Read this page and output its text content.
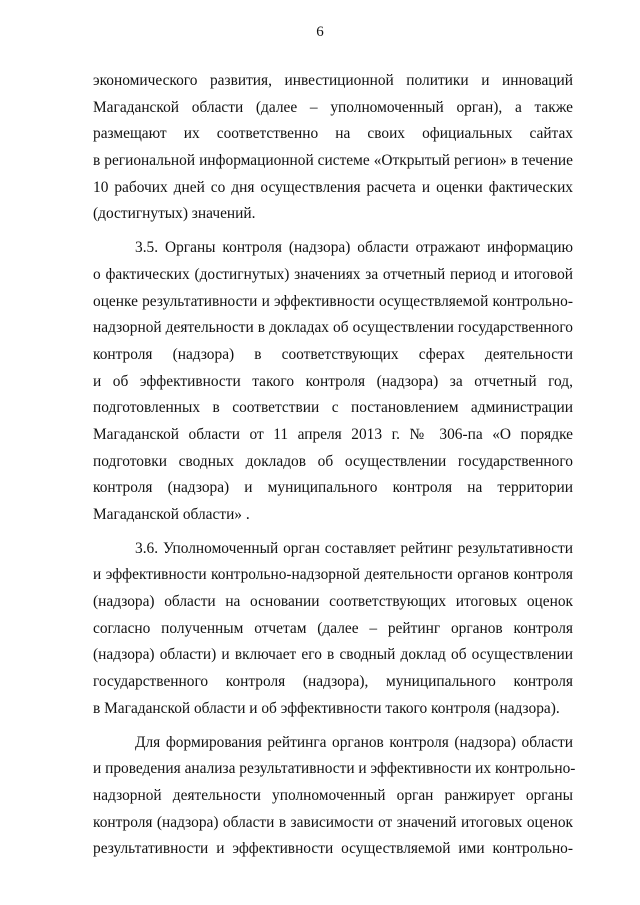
6
экономического развития, инвестиционной политики и инноваций
Магаданской области (далее – уполномоченный орган), а также
размещают их соответственно на своих официальных сайтах
в региональной информационной системе «Открытый регион» в течение
10 рабочих дней со дня осуществления расчета и оценки фактических
(достигнутых) значений.
3.5. Органы контроля (надзора) области отражают информацию
о фактических (достигнутых) значениях за отчетный период и итоговой
оценке результативности и эффективности осуществляемой контрольно-
надзорной деятельности в докладах об осуществлении государственного
контроля (надзора) в соответствующих сферах деятельности
и об эффективности такого контроля (надзора) за отчетный год,
подготовленных в соответствии с постановлением администрации
Магаданской области от 11 апреля 2013 г. № 306-па «О порядке
подготовки сводных докладов об осуществлении государственного
контроля (надзора) и муниципального контроля на территории
Магаданской области» .
3.6. Уполномоченный орган составляет рейтинг результативности
и эффективности контрольно-надзорной деятельности органов контроля
(надзора) области на основании соответствующих итоговых оценок
согласно полученным отчетам (далее – рейтинг органов контроля
(надзора) области) и включает его в сводный доклад об осуществлении
государственного контроля (надзора), муниципального контроля
в Магаданской области и об эффективности такого контроля (надзора).
Для формирования рейтинга органов контроля (надзора) области
и проведения анализа результативности и эффективности их контрольно-
надзорной деятельности уполномоченный орган ранжирует органы
контроля (надзора) области в зависимости от значений итоговых оценок
результативности и эффективности осуществляемой ими контрольно-
